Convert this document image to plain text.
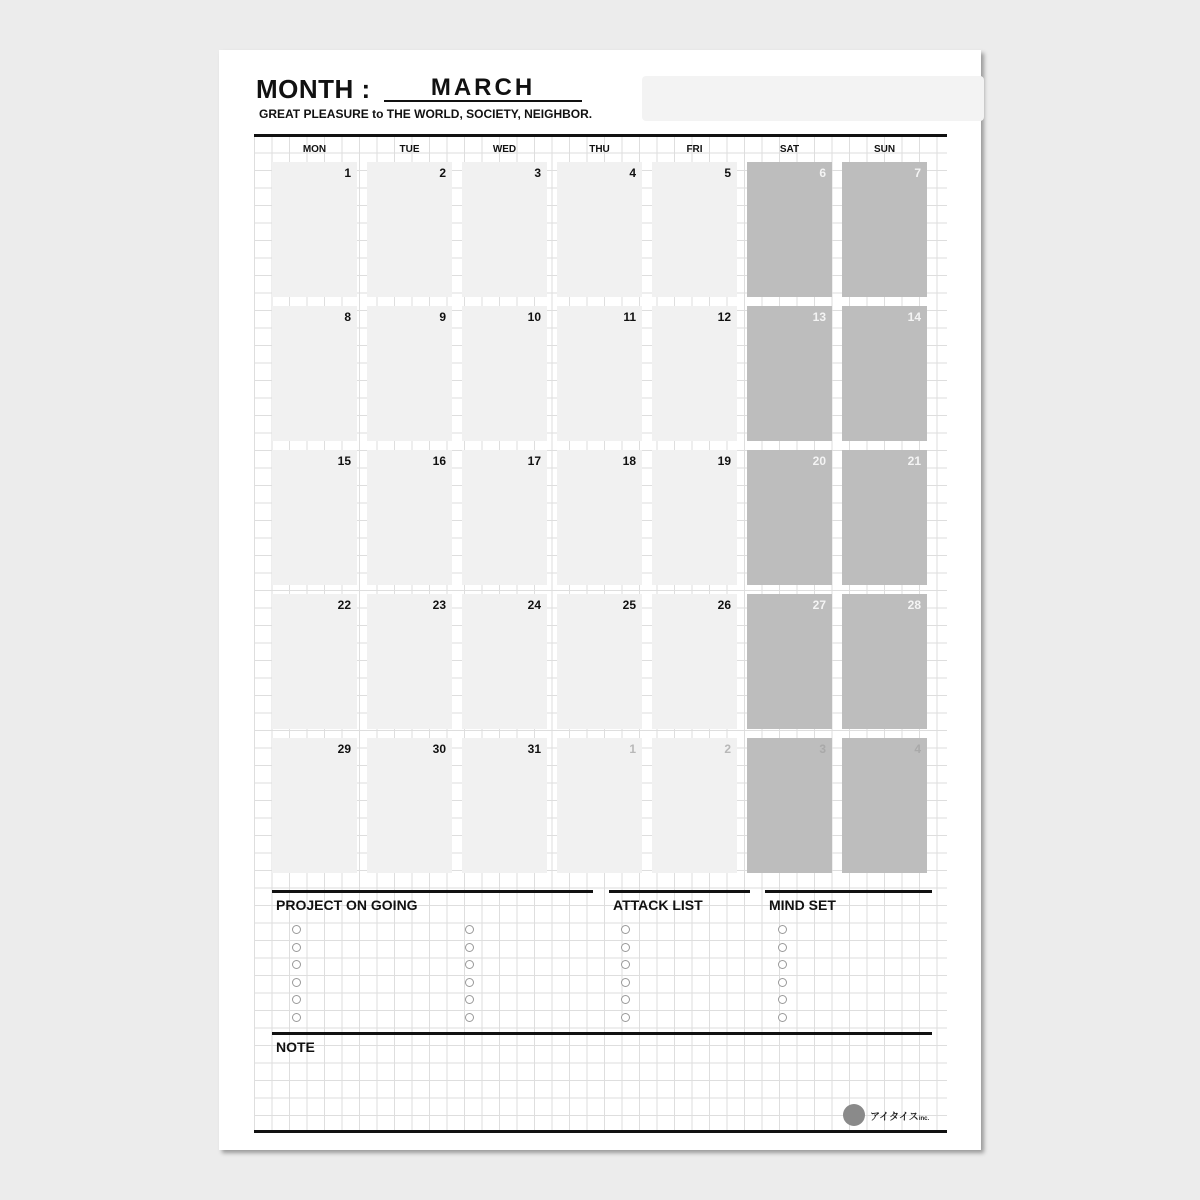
MONTH :	MARCH
GREAT PLEASURE to THE WORLD, SOCIETY, NEIGHBOR.
MON	TUE	WED	THU	FRI	SAT	SUN
1	2	3	4	5	6	7
8	9	10	11	12	13	14
15	16	17	18	19	20	21
22	23	24	25	26	27	28
29	30	31	1	2	3	4
PROJECT ON GOING	ATTACK LIST	MIND SET
NOTE
アイタイスinc.
